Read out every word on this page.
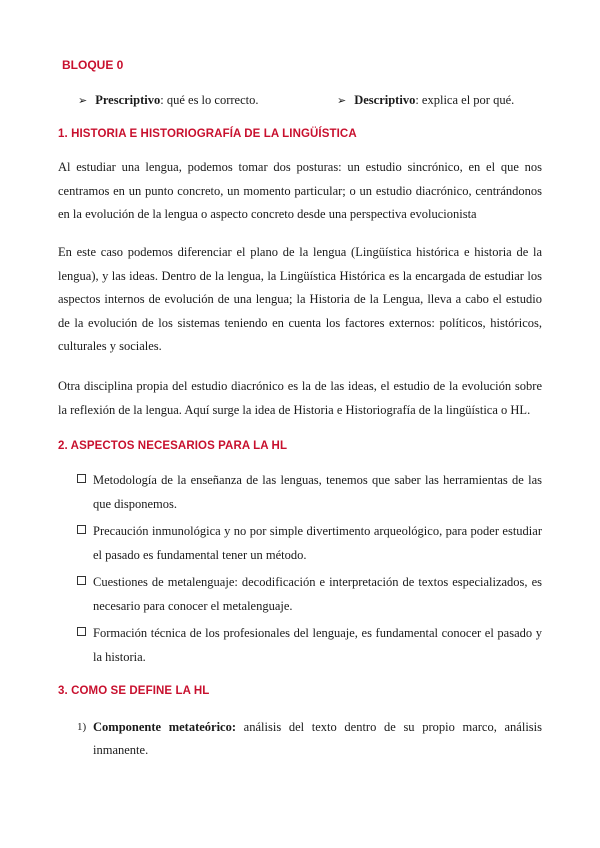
BLOQUE 0
➢ Prescriptivo: qué es lo correcto.	➢ Descriptivo: explica el por qué.
1. HISTORIA E HISTORIOGRAFÍA DE LA LINGÜÍSTICA

Al estudiar una lengua, podemos tomar dos posturas: un estudio sincrónico, en el que nos centramos en un punto concreto, un momento particular; o un estudio diacrónico, centrándonos en la evolución de la lengua o aspecto concreto desde una perspectiva evolucionista

En este caso podemos diferenciar el plano de la lengua (Lingüística histórica e historia de la lengua), y las ideas. Dentro de la lengua, la Lingüística Histórica es la encargada de estudiar los aspectos internos de evolución de una lengua; la Historia de la Lengua, lleva a cabo el estudio de la evolución de los sistemas teniendo en cuenta los factores externos: políticos, históricos, culturales y sociales.

Otra disciplina propia del estudio diacrónico es la de las ideas, el estudio de la evolución sobre la reflexión de la lengua. Aquí surge la idea de Historia e Historiografía de la lingüística o HL.

2. ASPECTOS NECESARIOS PARA LA HL
Metodología de la enseñanza de las lenguas, tenemos que saber las herramientas de las que disponemos.
Precaución inmunológica y no por simple divertimento arqueológico, para poder estudiar el pasado es fundamental tener un método.
Cuestiones de metalenguaje: decodificación e interpretación de textos especializados, es necesario para conocer el metalenguaje.
Formación técnica de los profesionales del lenguaje, es fundamental conocer el pasado y la historia.
3. COMO SE DEFINE LA HL
1) Componente metateórico: análisis del texto dentro de su propio marco, análisis inmanente.
